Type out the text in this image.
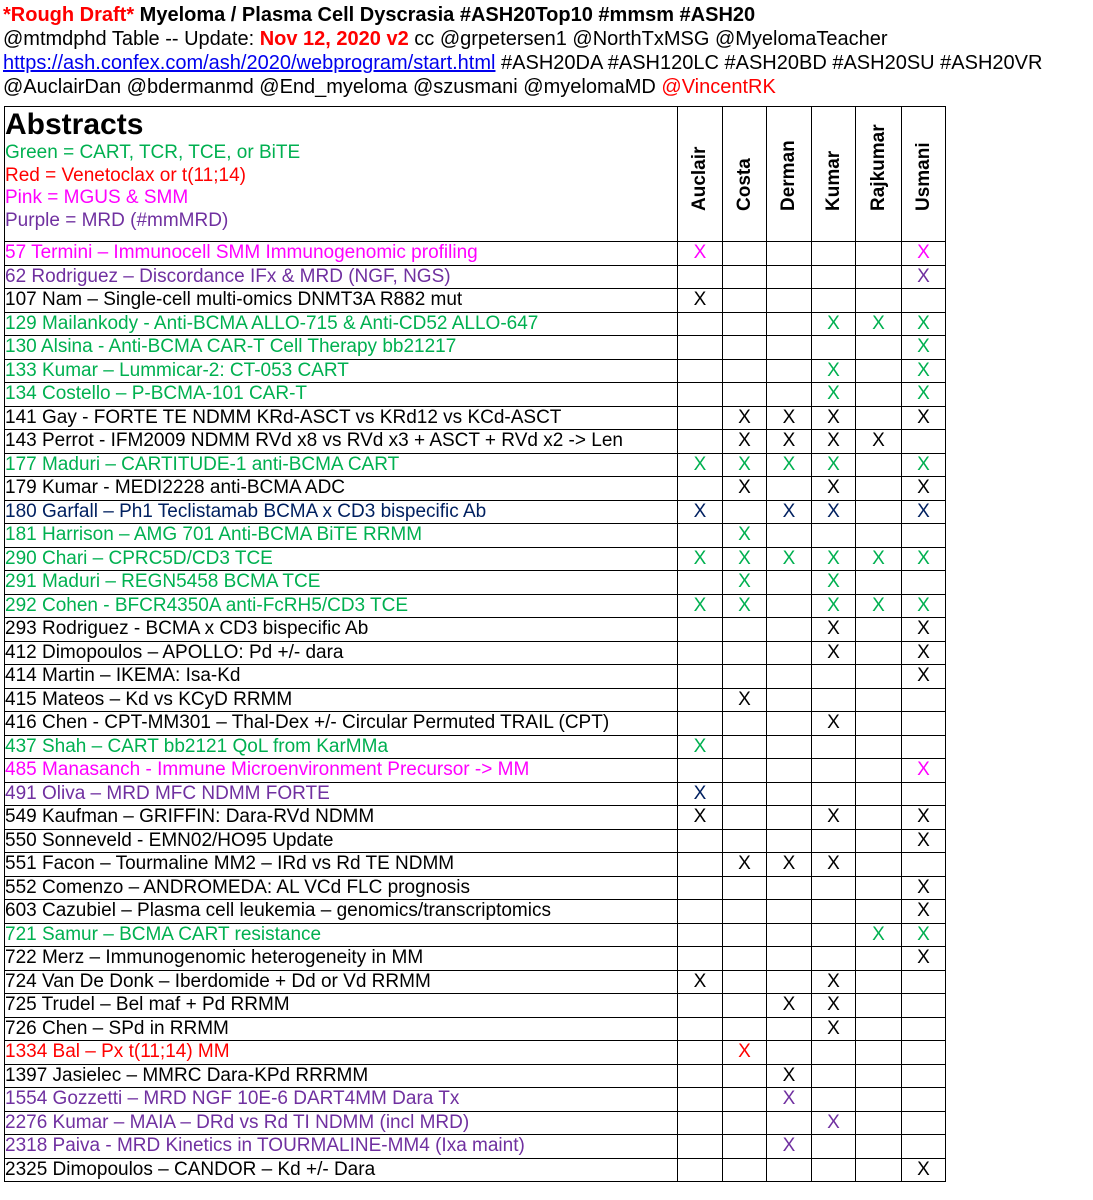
*Rough Draft* Myeloma / Plasma Cell Dyscrasia #ASH20Top10 #mmsm #ASH20
@mtmdphd Table -- Update: Nov 12, 2020 v2 cc @grpetersen1 @NorthTxMSG @MyelomaTeacher
https://ash.confex.com/ash/2020/webprogram/start.html #ASH20DA #ASH120LC #ASH20BD #ASH20SU #ASH20VR
@AuclairDan @bdermanmd @End_myeloma @szusmani @myelomaMD @VincentRK
Abstracts
Green = CART, TCR, TCE, or BiTE
Red = Venetoclax or t(11;14)
Pink = MGUS & SMM
Purple = MRD (#mmMRD)	Auclair	Costa	Derman	Kumar	Rajkumar	Usmani

57 Termini – Immunocell SMM Immunogenomic profiling	X					X
62 Rodriguez – Discordance IFx & MRD (NGF, NGS)						X
107 Nam – Single-cell multi-omics DNMT3A R882 mut	X					
129 Mailankody - Anti-BCMA ALLO-715 & Anti-CD52 ALLO-647				X	X	X
130 Alsina - Anti-BCMA CAR-T Cell Therapy bb21217						X
133 Kumar – Lummicar-2: CT-053 CART				X		X
134 Costello – P-BCMA-101 CAR-T				X		X
141 Gay - FORTE TE NDMM KRd-ASCT vs KRd12 vs KCd-ASCT		X	X	X		X
143 Perrot - IFM2009 NDMM RVd x8 vs RVd x3 + ASCT + RVd x2 -> Len		X	X	X	X	
177 Maduri – CARTITUDE-1 anti-BCMA CART	X	X	X	X		X
179 Kumar - MEDI2228 anti-BCMA ADC		X		X		X
180 Garfall – Ph1 Teclistamab BCMA x CD3 bispecific Ab	X		X	X		X
181 Harrison – AMG 701 Anti-BCMA BiTE RRMM		X				
290 Chari – CPRC5D/CD3 TCE	X	X	X	X	X	X
291 Maduri – REGN5458 BCMA TCE		X		X		
292 Cohen - BFCR4350A anti-FcRH5/CD3 TCE	X	X		X	X	X
293 Rodriguez - BCMA x CD3 bispecific Ab				X		X
412 Dimopoulos – APOLLO: Pd +/- dara				X		X
414 Martin – IKEMA: Isa-Kd						X
415 Mateos – Kd vs KCyD RRMM		X				
416 Chen - CPT-MM301 – Thal-Dex +/- Circular Permuted TRAIL (CPT)				X		
437 Shah – CART bb2121 QoL from KarMMa	X					
485 Manasanch - Immune Microenvironment Precursor -> MM						X
491 Oliva – MRD MFC NDMM FORTE	X					
549 Kaufman – GRIFFIN: Dara-RVd NDMM	X			X		X
550 Sonneveld - EMN02/HO95 Update						X
551 Facon – Tourmaline MM2 – IRd vs Rd TE NDMM		X	X	X		
552 Comenzo – ANDROMEDA: AL VCd FLC prognosis						X
603 Cazubiel – Plasma cell leukemia – genomics/transcriptomics						X
721 Samur – BCMA CART resistance					X	X
722 Merz – Immunogenomic heterogeneity in MM						X
724 Van De Donk – Iberdomide + Dd or Vd RRMM	X			X		
725 Trudel – Bel maf + Pd RRMM			X	X		
726 Chen – SPd in RRMM				X		
1334 Bal – Px t(11;14) MM		X				
1397 Jasielec – MMRC Dara-KPd RRRMM			X			
1554 Gozzetti – MRD NGF 10E-6 DART4MM Dara Tx			X			
2276 Kumar – MAIA – DRd vs Rd TI NDMM (incl MRD)				X		
2318 Paiva - MRD Kinetics in TOURMALINE-MM4 (Ixa maint)			X			
2325 Dimopoulos – CANDOR – Kd +/- Dara						X
